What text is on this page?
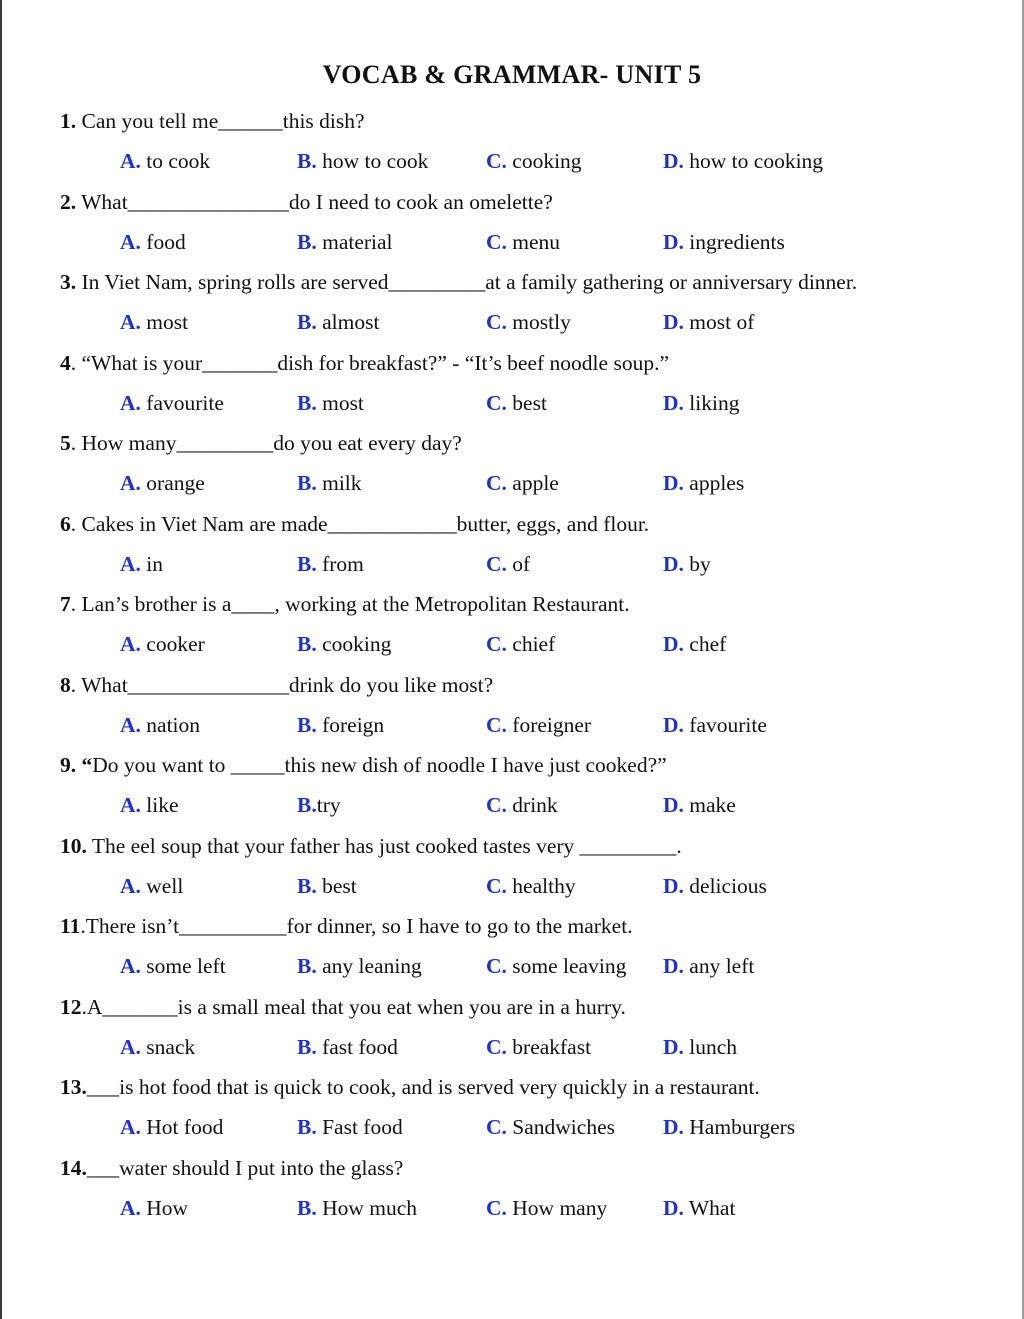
VOCAB & GRAMMAR- UNIT 5
1. Can you tell me______this dish?
A. to cook	B. how to cook	C. cooking	D. how to cooking
2. What_______________do I need to cook an omelette?
A. food	B. material	C. menu	D. ingredients
3. In Viet Nam, spring rolls are served_________at a family gathering or anniversary dinner.
A. most	B. almost	C. mostly	D. most of
4. “What is your_______dish for breakfast?” - “It’s beef noodle soup.”
A. favourite	B. most	C. best	D. liking
5. How many_________do you eat every day?
A. orange	B. milk	C. apple	D. apples
6. Cakes in Viet Nam are made____________butter, eggs, and flour.
A. in	B. from	C. of	D. by
7. Lan’s brother is a____, working at the Metropolitan Restaurant.
A. cooker	B. cooking	C. chief	D. chef
8. What_______________drink do you like most?
A. nation	B. foreign	C. foreigner	D. favourite
9. “Do you want to _____this new dish of noodle I have just cooked?”
A. like	B.try	C. drink	D. make
10. The eel soup that your father has just cooked tastes very _________.
A. well	B. best	C. healthy	D. delicious
11.There isn’t__________for dinner, so I have to go to the market.
A. some left	B. any leaning	C. some leaving D. any left
12.A_______is a small meal that you eat when you are in a hurry.
A. snack	B. fast food	C. breakfast	D. lunch
13.___is hot food that is quick to cook, and is served very quickly in a restaurant.
A. Hot food	B. Fast food	C. Sandwiches D. Hamburgers
14.___water should I put into the glass?
A. How	B. How much	C. How many	D. What
